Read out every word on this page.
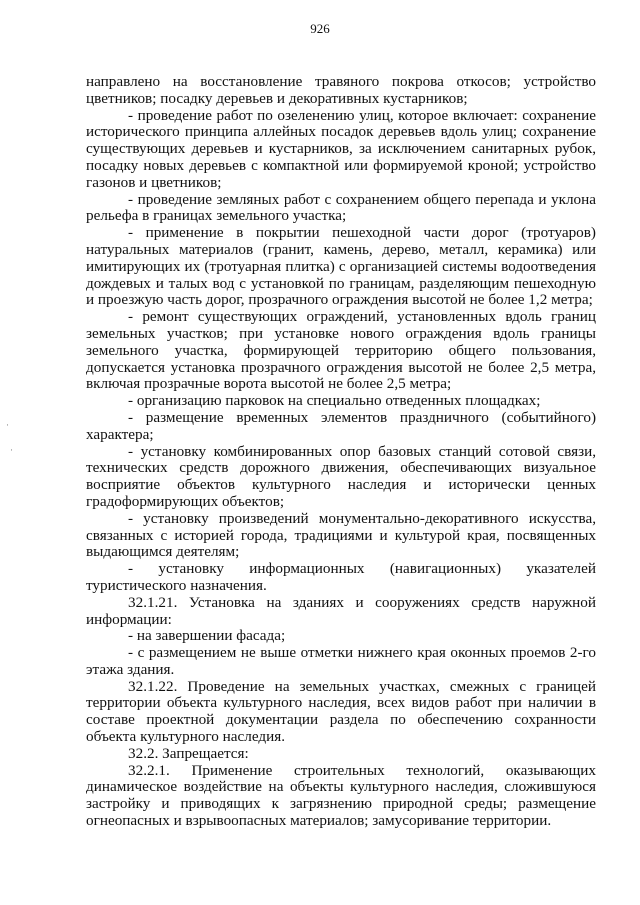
926

направлено на восстановление травяного покрова откосов; устройство цветников; посадку деревьев и декоративных кустарников;

- проведение работ по озеленению улиц, которое включает: сохранение исторического принципа аллейных посадок деревьев вдоль улиц; сохранение существующих деревьев и кустарников, за исключением санитарных рубок, посадку новых деревьев с компактной или формируемой кроной; устройство газонов и цветников;

- проведение земляных работ с сохранением общего перепада и уклона рельефа в границах земельного участка;

- применение в покрытии пешеходной части дорог (тротуаров) натуральных материалов (гранит, камень, дерево, металл, керамика) или имитирующих их (тротуарная плитка) с организацией системы водоотведения дождевых и талых вод с установкой по границам, разделяющим пешеходную и проезжую часть дорог, прозрачного ограждения высотой не более 1,2 метра;

- ремонт существующих ограждений, установленных вдоль границ земельных участков; при установке нового ограждения вдоль границы земельного участка, формирующей территорию общего пользования, допускается установка прозрачного ограждения высотой не более 2,5 метра, включая прозрачные ворота высотой не более 2,5 метра;

- организацию парковок на специально отведенных площадках;

- размещение временных элементов праздничного (событийного) характера;

- установку комбинированных опор базовых станций сотовой связи, технических средств дорожного движения, обеспечивающих визуальное восприятие объектов культурного наследия и исторически ценных градоформирующих объектов;

- установку произведений монументально-декоративного искусства, связанных с историей города, традициями и культурой края, посвященных выдающимся деятелям;

- установку информационных (навигационных) указателей туристического назначения.

32.1.21. Установка на зданиях и сооружениях средств наружной информации:

- на завершении фасада;

- с размещением не выше отметки нижнего края оконных проемов 2-го этажа здания.

32.1.22. Проведение на земельных участках, смежных с границей территории объекта культурного наследия, всех видов работ при наличии в составе проектной документации раздела по обеспечению сохранности объекта культурного наследия.

32.2. Запрещается:

32.2.1. Применение строительных технологий, оказывающих динамическое воздействие на объекты культурного наследия, сложившуюся застройку и приводящих к загрязнению природной среды; размещение огнеопасных и взрывоопасных материалов; замусоривание территории.

·
·
